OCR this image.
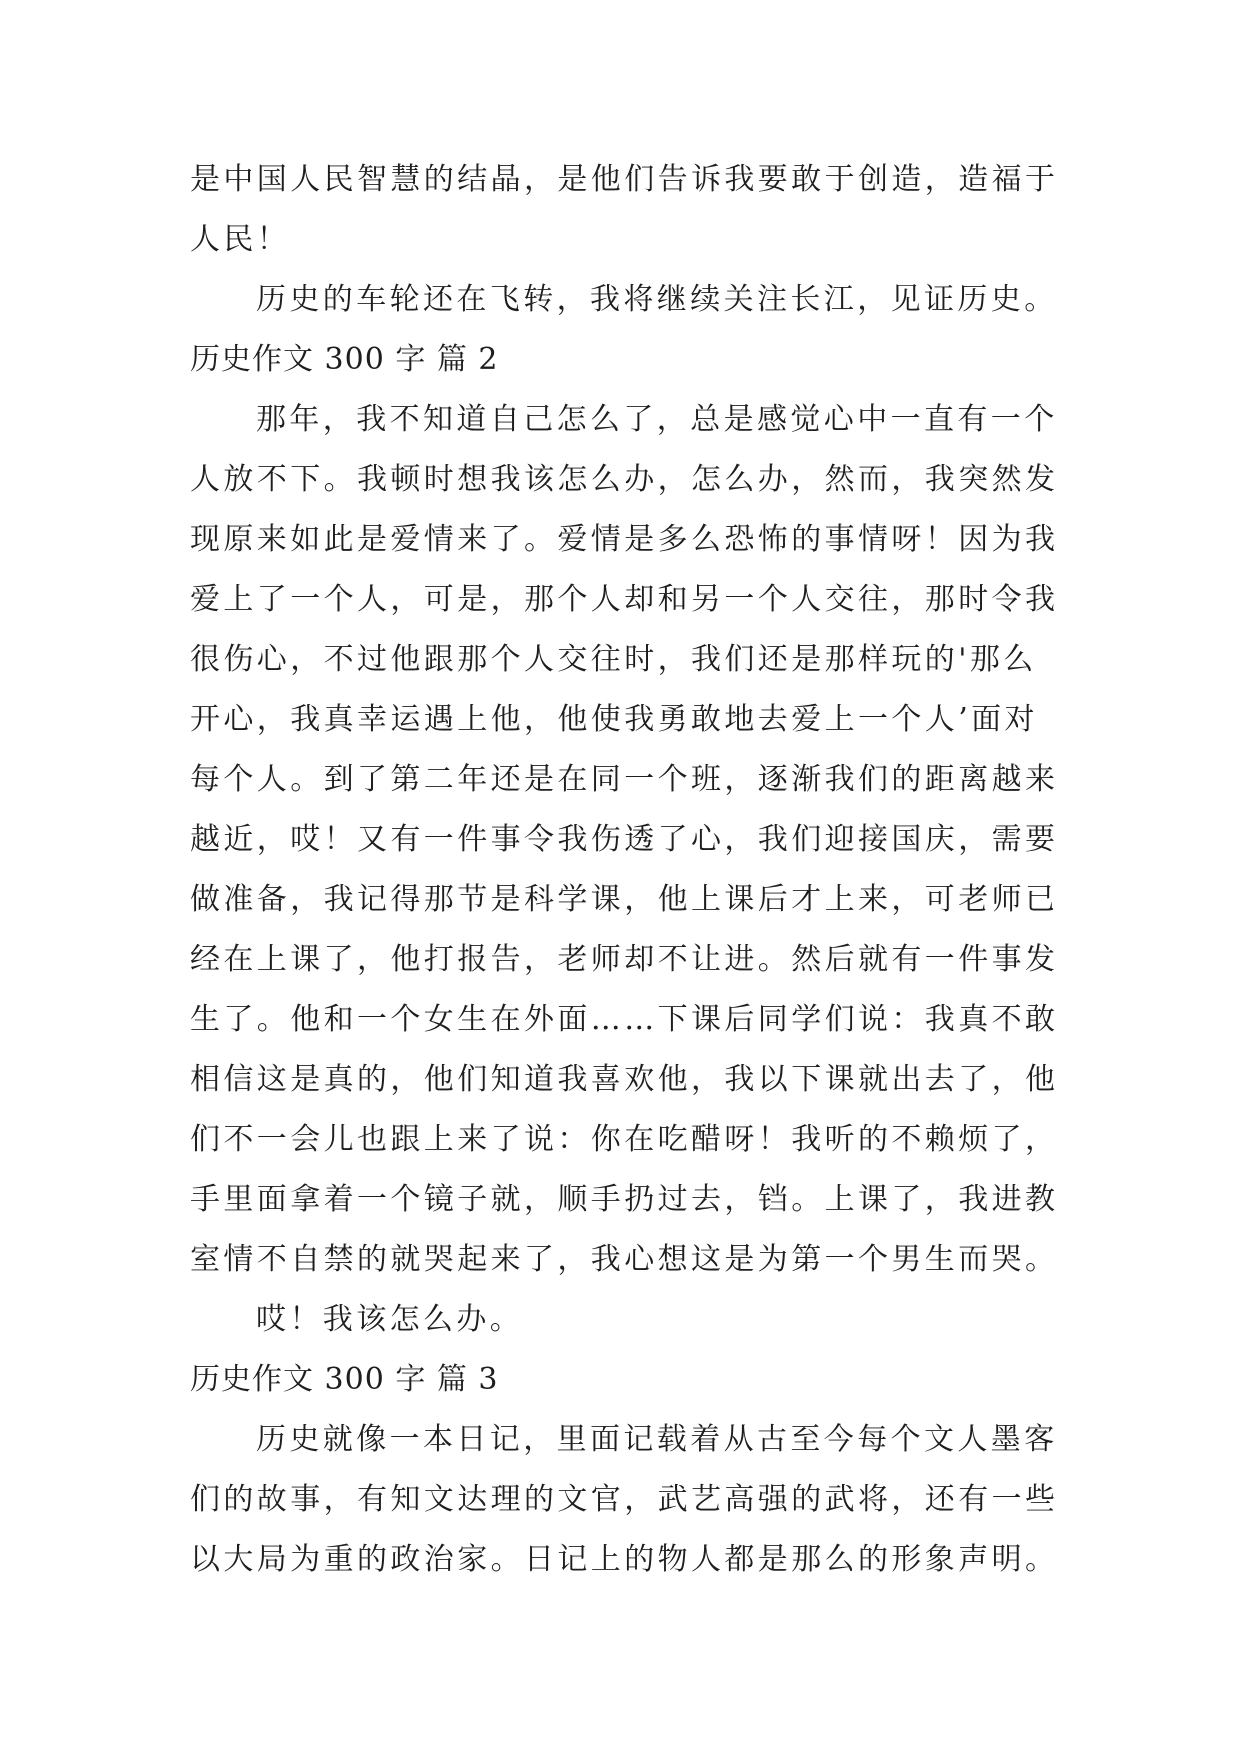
是中国人民智慧的结晶，是他们告诉我要敢于创造，造福于
人民！
历史的车轮还在飞转，我将继续关注长江，见证历史。
历史作文 300 字 篇 2
那年，我不知道自己怎么了，总是感觉心中一直有一个
人放不下。我顿时想我该怎么办，怎么办，然而，我突然发
现原来如此是爱情来了。爱情是多么恐怖的事情呀！因为我
爱上了一个人，可是，那个人却和另一个人交往，那时令我
很伤心，不过他跟那个人交往时，我们还是那样玩的'那么
开心，我真幸运遇上他，他使我勇敢地去爱上一个人’面对
每个人。到了第二年还是在同一个班，逐渐我们的距离越来
越近，哎！又有一件事令我伤透了心，我们迎接国庆，需要
做准备，我记得那节是科学课，他上课后才上来，可老师已
经在上课了，他打报告，老师却不让进。然后就有一件事发
生了。他和一个女生在外面……下课后同学们说：我真不敢
相信这是真的，他们知道我喜欢他，我以下课就出去了，他
们不一会儿也跟上来了说：你在吃醋呀！我听的不赖烦了，
手里面拿着一个镜子就，顺手扔过去，铛。上课了，我进教
室情不自禁的就哭起来了，我心想这是为第一个男生而哭。
哎！我该怎么办。
历史作文 300 字 篇 3
历史就像一本日记，里面记载着从古至今每个文人墨客
们的故事，有知文达理的文官，武艺高强的武将，还有一些
以大局为重的政治家。日记上的物人都是那么的形象声明。
